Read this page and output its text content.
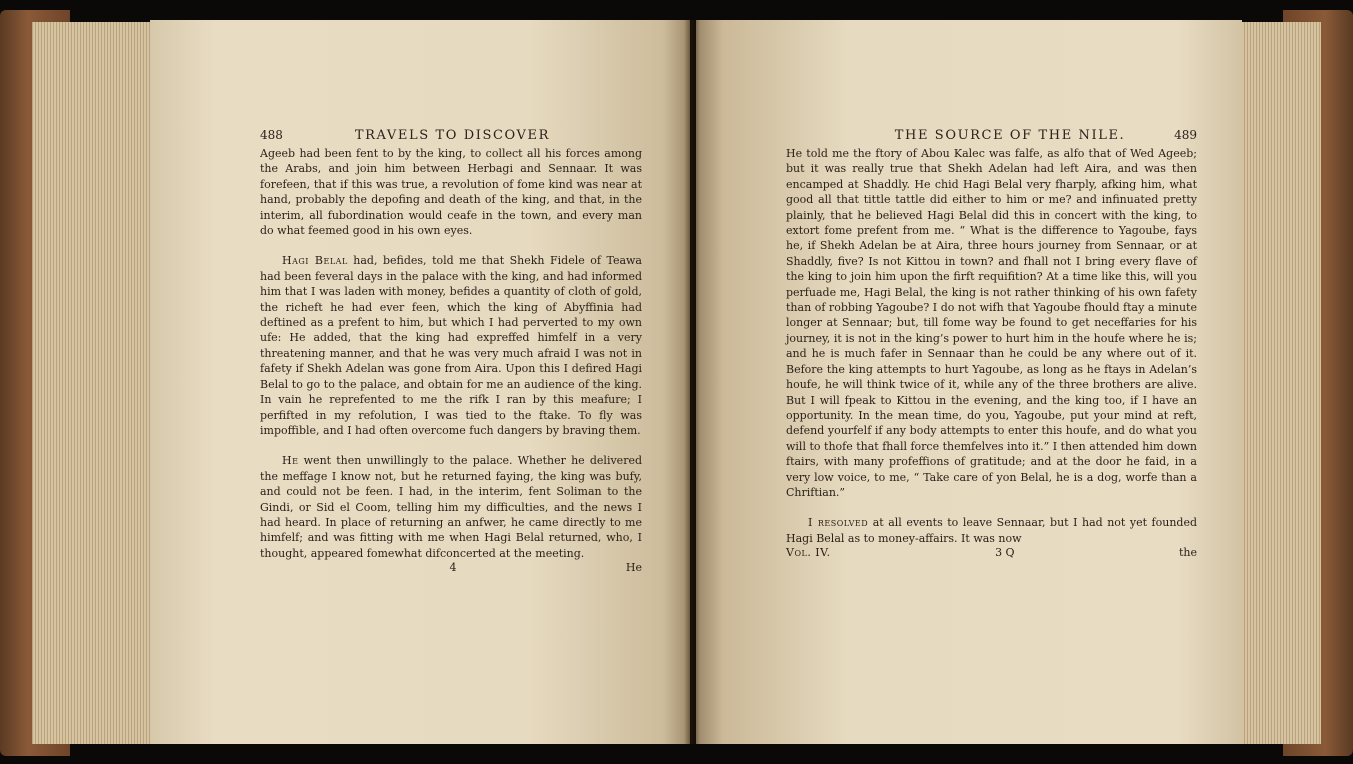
488	TRAVELS TO DISCOVER

Ageeb had been fent to by the king, to collect all his forces among the Arabs, and join him between Herbagi and Sennaar. It was forefeen, that if this was true, a revolution of fome kind was near at hand, probably the depofing and death of the king, and that, in the interim, all fubordination would ceafe in the town, and every man do what feemed good in his own eyes.

Hagi Belal had, befides, told me that Shekh Fidele of Teawa had been feveral days in the palace with the king, and had informed him that I was laden with money, befides a quantity of cloth of gold, the richeft he had ever feen, which the king of Abyffinia had deftined as a prefent to him, but which I had perverted to my own ufe: He added, that the king had expreffed himfelf in a very threatening manner, and that he was very much afraid I was not in fafety if Shekh Adelan was gone from Aira. Upon this I defired Hagi Belal to go to the palace, and obtain for me an audience of the king. In vain he reprefented to me the rifk I ran by this meafure; I perfifted in my refolution, I was tied to the ftake. To fly was impoffible, and I had often overcome fuch dangers by braving them.

He went then unwillingly to the palace. Whether he delivered the meffage I know not, but he returned faying, the king was bufy, and could not be feen. I had, in the interim, fent Soliman to the Gindi, or Sid el Coom, telling him my difficulties, and the news I had heard. In place of returning an anfwer, he came directly to me himfelf; and was fitting with me when Hagi Belal returned, who, I thought, appeared fomewhat difconcerted at the meeting.

4	He
THE SOURCE OF THE NILE.	489

He told me the ftory of Abou Kalec was falfe, as alfo that of Wed Ageeb; but it was really true that Shekh Adelan had left Aira, and was then encamped at Shaddly. He chid Hagi Belal very fharply, afking him, what good all that tittle tattle did either to him or me? and infinuated pretty plainly, that he believed Hagi Belal did this in concert with the king, to extort fome prefent from me. “ What is the difference to Yagoube, fays he, if Shekh Adelan be at Aira, three hours journey from Sennaar, or at Shaddly, five? Is not Kittou in town? and fhall not I bring every flave of the king to join him upon the firft requifition? At a time like this, will you perfuade me, Hagi Belal, the king is not rather thinking of his own fafety than of robbing Yagoube? I do not wifh that Yagoube fhould ftay a minute longer at Sennaar; but, till fome way be found to get neceffaries for his journey, it is not in the king’s power to hurt him in the houfe where he is; and he is much fafer in Sennaar than he could be any where out of it. Before the king attempts to hurt Yagoube, as long as he ftays in Adelan’s houfe, he will think twice of it, while any of the three brothers are alive. But I will fpeak to Kittou in the evening, and the king too, if I have an opportunity. In the mean time, do you, Yagoube, put your mind at reft, defend yourfelf if any body attempts to enter this houfe, and do what you will to thofe that fhall force themfelves into it.” I then attended him down ftairs, with many profeffions of gratitude; and at the door he faid, in a very low voice, to me, “ Take care of yon Belal, he is a dog, worfe than a Chriftian.”

I resolved at all events to leave Sennaar, but I had not yet founded Hagi Belal as to money-affairs. It was now

Vol. IV.	3 Q	the
